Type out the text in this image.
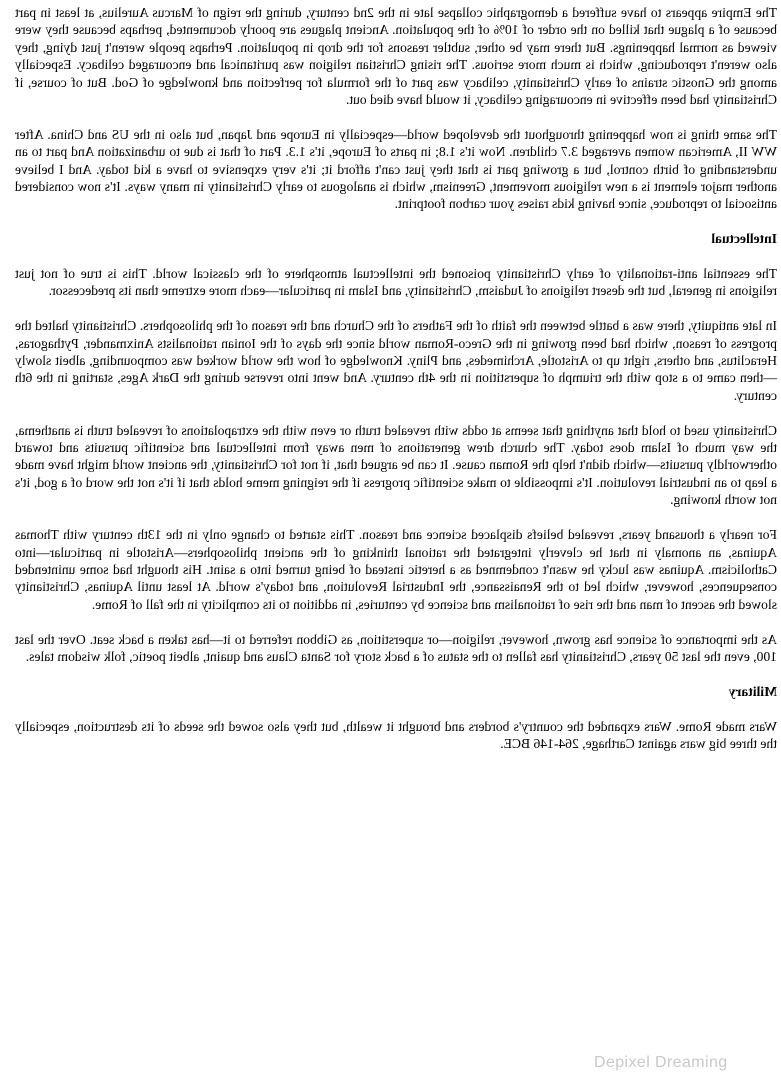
The Empire appears to have suffered a demographic collapse late in the 2nd century, during the reign of Marcus Aurelius, at least in part because of a plague that killed on the order of 10% of the population. Ancient plagues are poorly documented, perhaps because they were viewed as normal happenings. But there may be other, subtler reasons for the drop in population. Perhaps people weren't just dying, they also weren't reproducing, which is much more serious. The rising Christian religion was puritanical and encouraged celibacy. Especially among the Gnostic strains of early Christianity, celibacy was part of the formula for perfection and knowledge of God. But of course, if Christianity had been effective in encouraging celibacy, it would have died out.

The same thing is now happening throughout the developed world—especially in Europe and Japan, but also in the US and China. After WW II, American women averaged 3.7 children. Now it's 1.8; in parts of Europe, it's 1.3. Part of that is due to urbanization And part to an understanding of birth control, but a growing part is that they just can't afford it; it's very expensive to have a kid today. And I believe another major element is a new religious movement, Greenism, which is analogous to early Christianity in many ways. It's now considered antisocial to reproduce, since having kids raises your carbon footprint.

Intellectual

The essential anti-rationality of early Christianity poisoned the intellectual atmosphere of the classical world. This is true of not just religions in general, but the desert religions of Judaism, Christianity, and Islam in particular—each more extreme than its predecessor.

In late antiquity, there was a battle between the faith of the Fathers of the Church and the reason of the philosophers. Christianity halted the progress of reason, which had been growing in the Greco-Roman world since the days of the Ionian rationalists Anixmander, Pythagoras, Heraclitus, and others, right up to Aristotle, Archimedes, and Pliny. Knowledge of how the world worked was compounding, albeit slowly—then came to a stop with the triumph of superstition in the 4th century. And went into reverse during the Dark Ages, starting in the 6th century.

Christianity used to hold that anything that seems at odds with revealed truth or even with the extrapolations of revealed truth is anathema, the way much of Islam does today. The church drew generations of men away from intellectual and scientific pursuits and toward otherworldly pursuits—which didn't help the Roman cause. It can be argued that, if not for Christianity, the ancient world might have made a leap to an industrial revolution. It's impossible to make scientific progress if the reigning meme holds that if it's not the word of a god, it's not worth knowing.

For nearly a thousand years, revealed beliefs displaced science and reason. This started to change only in the 13th century with Thomas Aquinas, an anomaly in that he cleverly integrated the rational thinking of the ancient philosophers—Aristotle in particular—into Catholicism. Aquinas was lucky he wasn't condemned as a heretic instead of being turned into a saint. His thought had some unintended consequences, however, which led to the Renaissance, the Industrial Revolution, and today's world. At least until Aquinas, Christianity slowed the ascent of man and the rise of rationalism and science by centuries, in addition to its complicity in the fall of Rome.

As the importance of science has grown, however, religion—or superstition, as Gibbon referred to it—has taken a back seat. Over the last 100, even the last 50 years, Christianity has fallen to the status of a back story for Santa Claus and quaint, albeit poetic, folk wisdom tales.

Military

Wars made Rome. Wars expanded the country's borders and brought it wealth, but they also sowed the seeds of its destruction, especially the three big wars against Carthage, 264-146 BCE.

Depixel Dreaming
